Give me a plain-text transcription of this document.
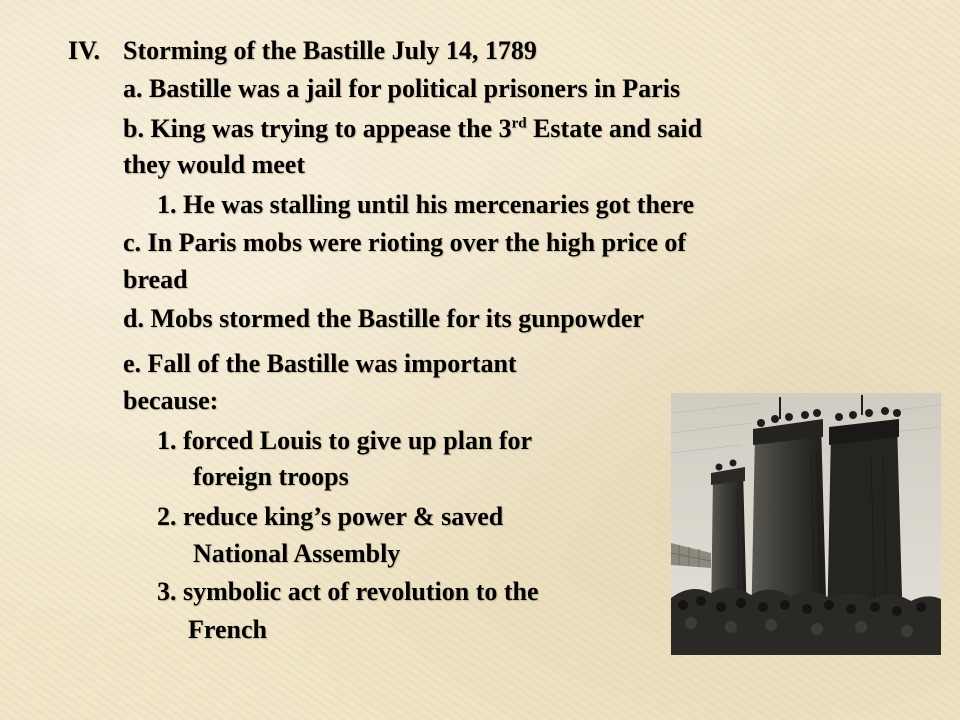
IV. Storming of the Bastille July 14, 1789
a. Bastille was a jail for political prisoners in Paris
b. King was trying to appease the 3rd Estate and said
they would meet
1. He was stalling until his mercenaries got there
c. In Paris mobs were rioting over the high price of
bread
d. Mobs stormed the Bastille for its gunpowder
e. Fall of the Bastille was important
because:
1. forced Louis to give up plan for
foreign troops
2. reduce king’s power & saved
National Assembly
3. symbolic act of revolution to the
French
